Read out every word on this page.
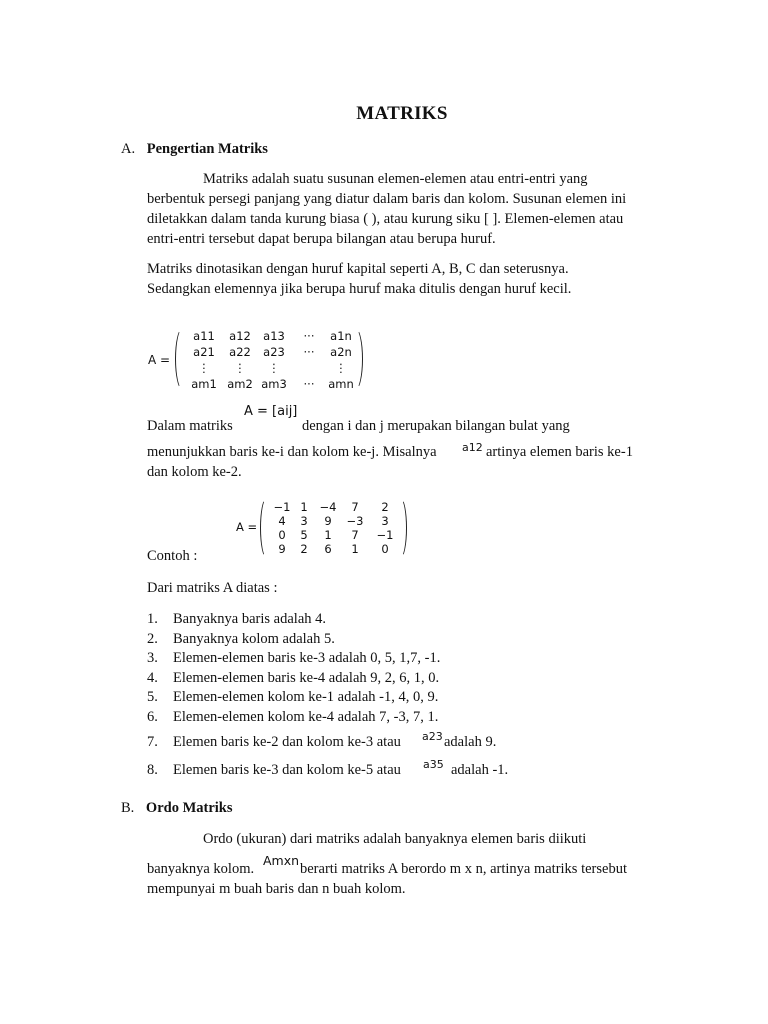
MATRIKS
A. Pengertian Matriks
Matriks adalah suatu susunan elemen-elemen atau entri-entri yang
berbentuk persegi panjang yang diatur dalam baris dan kolom. Susunan elemen ini
diletakkan dalam tanda kurung biasa ( ), atau kurung siku [ ]. Elemen-elemen atau
entri-entri tersebut dapat berupa bilangan atau berupa huruf.
Matriks dinotasikan dengan huruf kapital seperti A, B, C dan seterusnya.
Sedangkan elemennya jika berupa huruf maka ditulis dengan huruf kecil.
A =
a11 a12 a13	···	a1n
a21 a22 a23	···	a2n
⋮	⋮	⋮	⋮
am1 am2 am3	···	amn
Dalam matriks
A = [aij]
dengan i dan j merupakan bilangan bulat yang
menunjukkan baris ke-i dan kolom ke-j. Misalnya a12 artinya elemen baris ke-1
dan kolom ke-2.
A =
−1 1	−4	7	2
4	3	9	−3	3
0	5	1	7	−1
9	2	6	1	0
Contoh :
Dari matriks A diatas :
1. Banyaknya baris adalah 4.
2. Banyaknya kolom adalah 5.
3. Elemen-elemen baris ke-3 adalah 0, 5, 1,7, -1.
4. Elemen-elemen baris ke-4 adalah 9, 2, 6, 1, 0.
5. Elemen-elemen kolom ke-1 adalah -1, 4, 0, 9.
6. Elemen-elemen kolom ke-4 adalah 7, -3, 7, 1.
7. Elemen baris ke-2 dan kolom ke-3 atau a23 adalah 9.
8. Elemen baris ke-3 dan kolom ke-5 atau a35 adalah -1.
B. Ordo Matriks
Ordo (ukuran) dari matriks adalah banyaknya elemen baris diikuti
banyaknya kolom.
Amxn
berarti matriks A berordo m x n, artinya matriks tersebut
mempunyai m buah baris dan n buah kolom.
